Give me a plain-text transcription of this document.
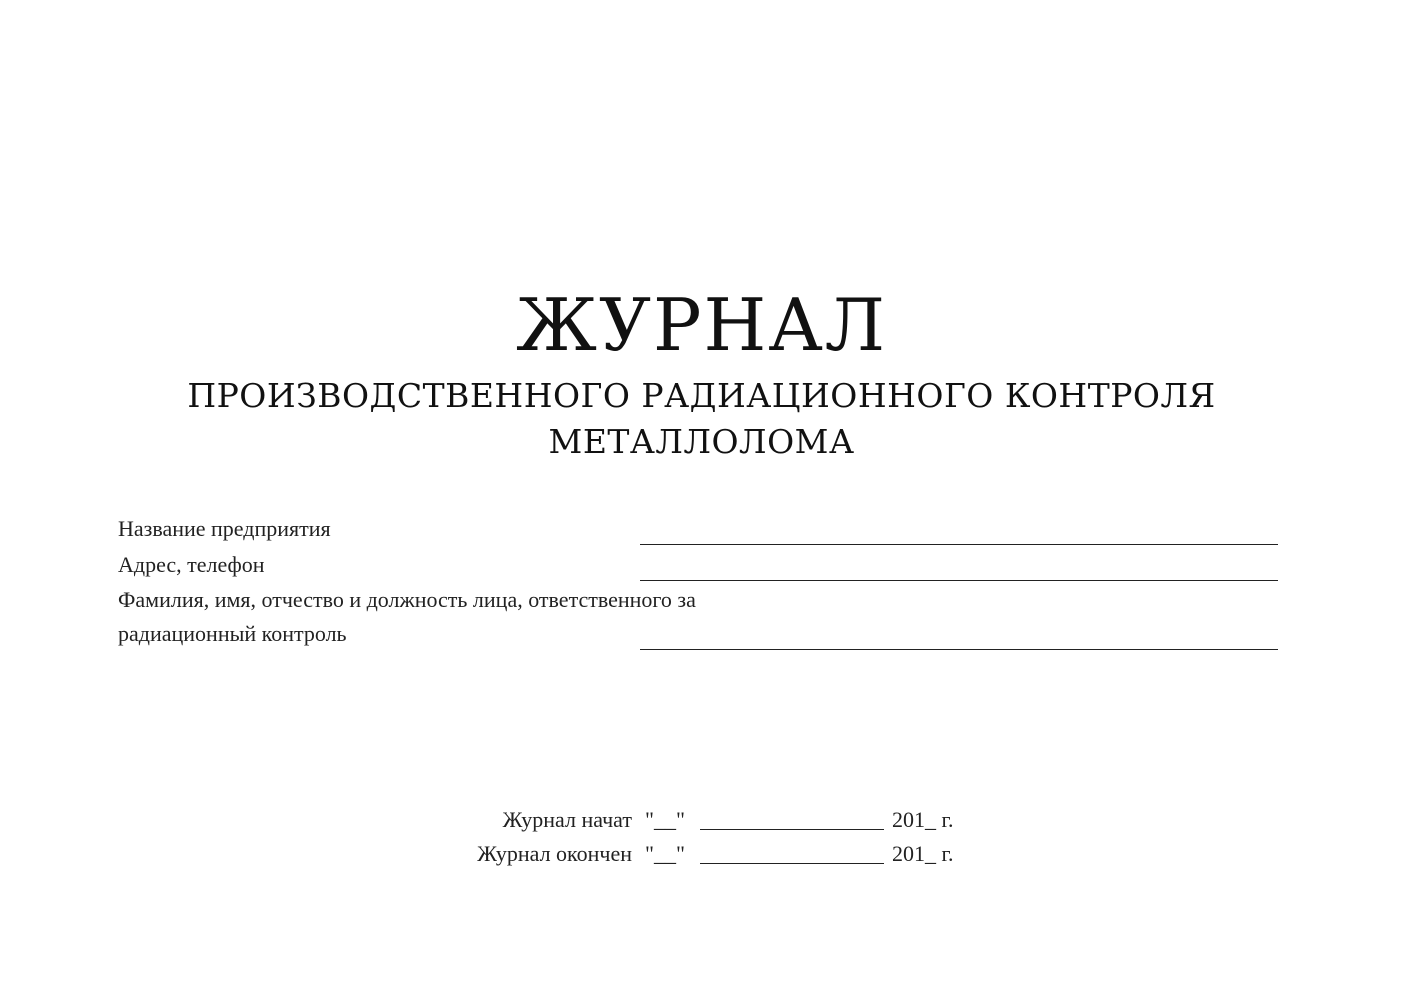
ЖУРНАЛ
ПРОИЗВОДСТВЕННОГО РАДИАЦИОННОГО КОНТРОЛЯ
МЕТАЛЛОЛОМА
Название предприятия
Адрес, телефон
Фамилия, имя, отчество и должность лица, ответственного за
радиационный контроль
Журнал начат "__"	201_ г.
Журнал окончен "__"	201_ г.
